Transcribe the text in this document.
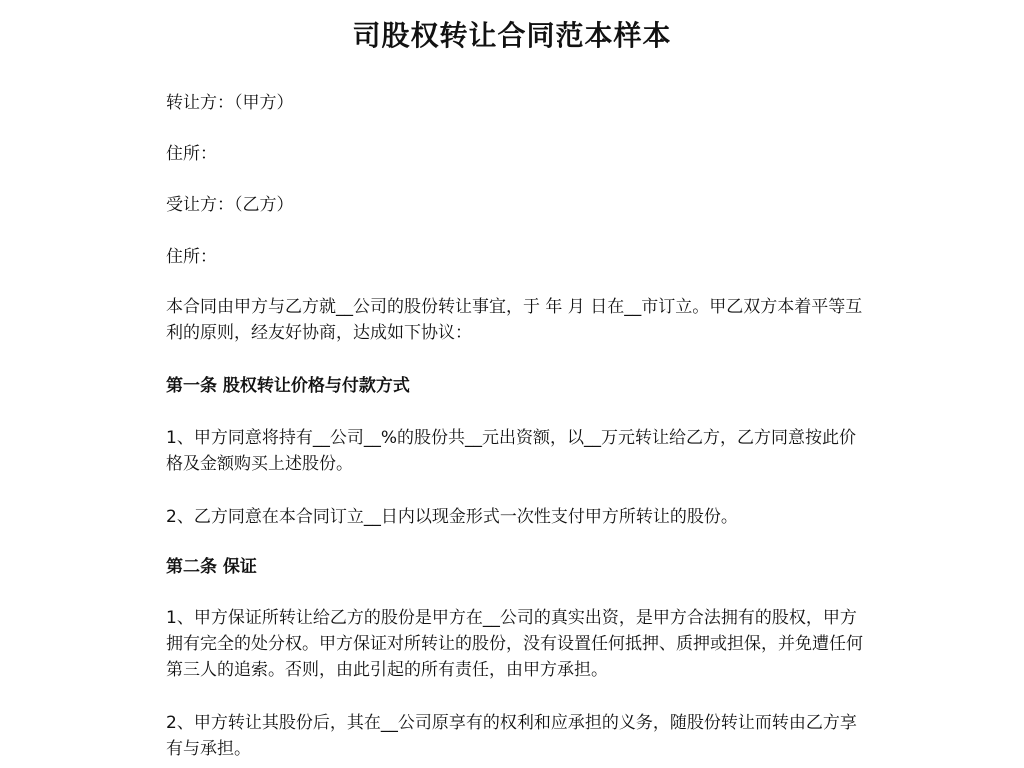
司股权转让合同范本样本

转让方：（甲方）

住所：

受让方：（乙方）

住所：

本合同由甲方与乙方就__公司的股份转让事宜，于 年 月 日在__市订立。甲乙双方本着平等互利的原则，经友好协商，达成如下协议：

第一条 股权转让价格与付款方式

1、甲方同意将持有__公司__%的股份共__元出资额，以__万元转让给乙方，乙方同意按此价格及金额购买上述股份。

2、乙方同意在本合同订立__日内以现金形式一次性支付甲方所转让的股份。

第二条 保证

1、甲方保证所转让给乙方的股份是甲方在__公司的真实出资，是甲方合法拥有的股权，甲方拥有完全的处分权。甲方保证对所转让的股份，没有设置任何抵押、质押或担保，并免遭任何第三人的追索。否则，由此引起的所有责任，由甲方承担。

2、甲方转让其股份后，其在__公司原享有的权利和应承担的义务，随股份转让而转由乙方享有与承担。
